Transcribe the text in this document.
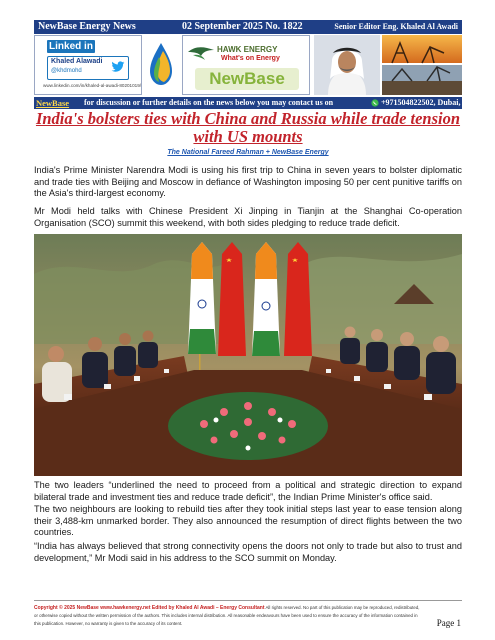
NewBase Energy News	02 September 2025 No. 1822	Senior Editor Eng. Khaled Al Awadi
Linked in
Khaled Alawadi
@khdmohd
www.linkedin.com/in/khaled-al-awadi-80201019/
HAWK ENERGY
What's on Energy
NewBase
NewBase for discussion or further details on the news below you may contact us on	+971504822502, Dubai, UAE
India's bolsters ties with China and Russia while trade tension with US mounts
The National Fareed Rahman + NewBase Energy

India's Prime Minister Narendra Modi is using his first trip to China in seven years to bolster diplomatic and trade ties with Beijing and Moscow in defiance of Washington imposing 50 per cent punitive tariffs on the Asia's third-largest economy.

Mr Modi held talks with Chinese President Xi Jinping in Tianjin at the Shanghai Co-operation Organisation (SCO) summit this weekend, with both sides pledging to reduce trade deficit.

The two leaders “underlined the need to proceed from a political and strategic direction to expand bilateral trade and investment ties and reduce trade deficit”, the Indian Prime Minister's office said.

The two neighbours are looking to rebuild ties after they took initial steps last year to ease tension along their 3,488-km unmarked border. They also announced the resumption of direct flights between the two countries.

“India has always believed that strong connectivity opens the doors not only to trade but also to trust and development,” Mr Modi said in his address to the SCO summit on Monday.

Copyright © 2025 NewBase www.hawkenergy.net Edited by Khaled Al Awadi – Energy Consultant All rights reserved. No part of this publication may be reproduced, redistributed, or otherwise copied without the written permission of the authors. This includes internal distribution. All reasonable endeavours have been used to ensure the accuracy of the information contained in this publication. However, no warranty is given to the accuracy of its content.	Page 1
